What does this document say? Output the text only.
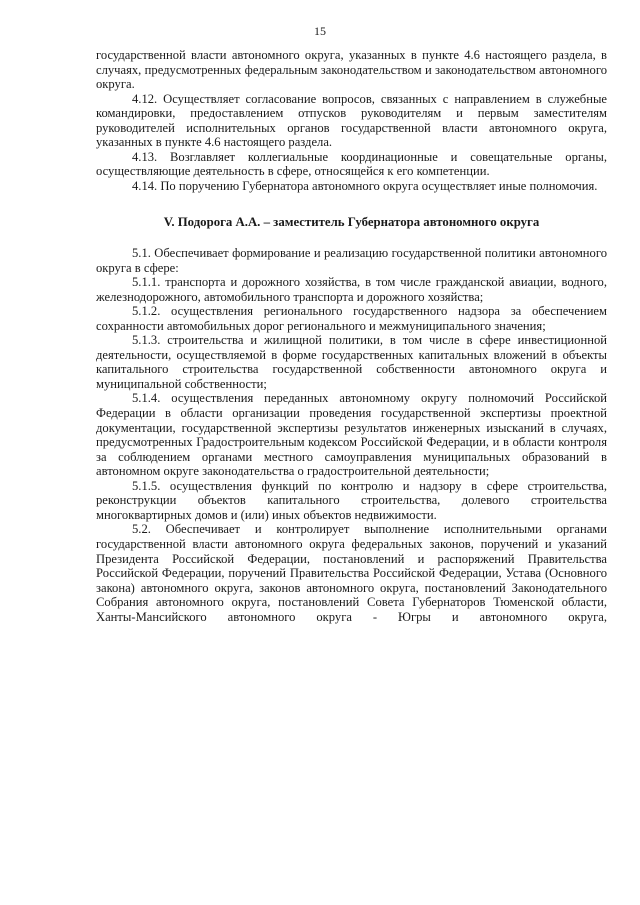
15

государственной власти автономного округа, указанных в пункте 4.6 настоящего раздела, в случаях, предусмотренных федеральным законодательством и законодательством автономного округа.

4.12. Осуществляет согласование вопросов, связанных с направлением в служебные командировки, предоставлением отпусков руководителям и первым заместителям руководителей исполнительных органов государственной власти автономного округа, указанных в пункте 4.6 настоящего раздела.

4.13. Возглавляет коллегиальные координационные и совещательные органы, осуществляющие деятельность в сфере, относящейся к его компетенции.

4.14. По поручению Губернатора автономного округа осуществляет иные полномочия.

V. Подорога А.А. – заместитель Губернатора автономного округа

5.1. Обеспечивает формирование и реализацию государственной политики автономного округа в сфере:

5.1.1. транспорта и дорожного хозяйства, в том числе гражданской авиации, водного, железнодорожного, автомобильного транспорта и дорожного хозяйства;

5.1.2. осуществления регионального государственного надзора за обеспечением сохранности автомобильных дорог регионального и межмуниципального значения;

5.1.3. строительства и жилищной политики, в том числе в сфере инвестиционной деятельности, осуществляемой в форме государственных капитальных вложений в объекты капитального строительства государственной собственности автономного округа и муниципальной собственности;

5.1.4. осуществления переданных автономному округу полномочий Российской Федерации в области организации проведения государственной экспертизы проектной документации, государственной экспертизы результатов инженерных изысканий в случаях, предусмотренных Градостроительным кодексом Российской Федерации, и в области контроля за соблюдением органами местного самоуправления муниципальных образований в автономном округе законодательства о градостроительной деятельности;

5.1.5. осуществления функций по контролю и надзору в сфере строительства, реконструкции объектов капитального строительства, долевого строительства многоквартирных домов и (или) иных объектов недвижимости.

5.2. Обеспечивает и контролирует выполнение исполнительными органами государственной власти автономного округа федеральных законов, поручений и указаний Президента Российской Федерации, постановлений и распоряжений Правительства Российской Федерации, поручений Правительства Российской Федерации, Устава (Основного закона) автономного округа, законов автономного округа, постановлений Законодательного Собрания автономного округа, постановлений Совета Губернаторов Тюменской области, Ханты-Мансийского автономного округа - Югры и автономного округа,
